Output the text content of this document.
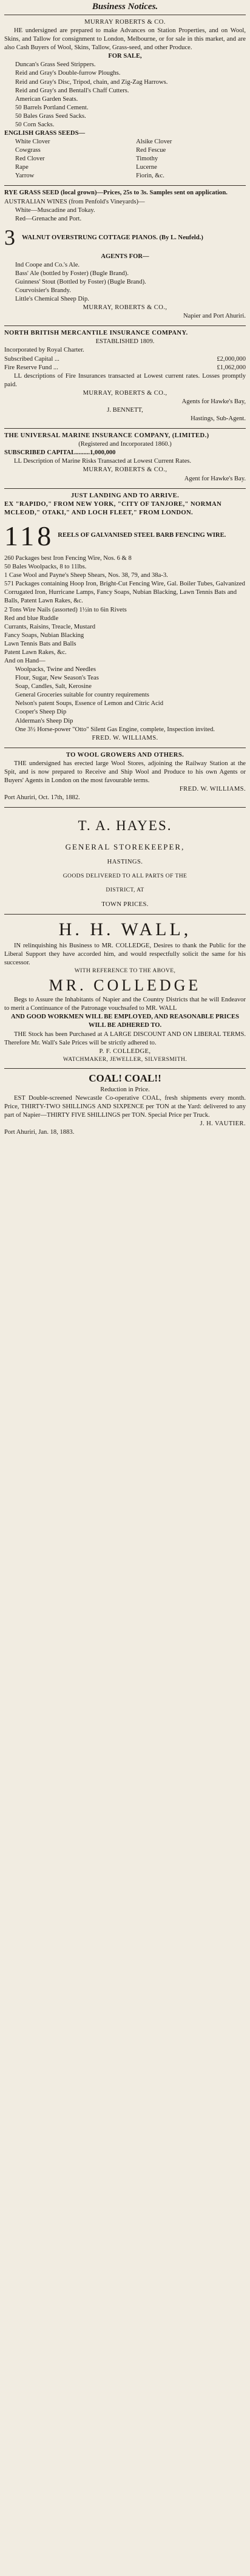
Business Notices.
MURRAY ROBERTS & CO.
HE undersigned are prepared to make Advances on Station Properties, and on Wool, Skins, and Tallow for consignment to London, Melbourne, or for sale in this market, and are also Cash Buyers of Wool, Skins, Tallow, Grass-seed, and other Produce.
FOR SALE,
Duncan's Grass Seed Strippers.
Reid and Gray's Double-furrow Ploughs.
Reid and Gray's Disc, Tripod, chain, and Zig-Zag Harrows.
Reid and Gray's and Bentall's Chaff Cutters.
American Garden Seats.
50 Barrels Portland Cement.
50 Bales Grass Seed Sacks.
50 Corn Sacks.
ENGLISH GRASS SEEDS—
White Clover
Cowgrass
Red Clover
Rape
Yarrow
Alsike Clover
Red Fescue
Timothy
Lucerne
Fiorin, &c.
RYE GRASS SEED (local grown)—Prices, 25s to 3s. Samples sent on application.
AUSTRALIAN WINES (from Penfold's Vineyards)—
White—Muscadine and Tokay.
Red—Grenache and Port.
3 WALNUT OVERSTRUNG COTTAGE PIANOS. (By L. Neufeld.)
AGENTS FOR—
Ind Coope and Co.'s Ale.
Bass' Ale (bottled by Foster) (Bugle Brand).
Guinness' Stout (Bottled by Foster) (Bugle Brand).
Courvoisier's Brandy.
Little's Chemical Sheep Dip.
MURRAY, ROBERTS & CO.,
Napier and Port Ahuriri.
NORTH BRITISH MERCANTILE INSURANCE COMPANY.
ESTABLISHED 1809.
Incorporated by Royal Charter.
Subscribed Capital ...	£2,000,000
Fire Reserve Fund ...	£1,062,000
LL descriptions of Fire Insurances transacted at Lowest current rates. Losses promptly paid.
MURRAY, ROBERTS & CO.,
Agents for Hawke's Bay,
J. BENNETT,
Hastings, Sub-Agent.
THE UNIVERSAL MARINE INSURANCE COMPANY, (LIMITED.)
(Registered and Incorporated 1860.)
SUBSCRIBED CAPITAL.........1,000,000
LL Description of Marine Risks Transacted at Lowest Current Rates.
MURRAY, ROBERTS & CO.,
Agent for Hawke's Bay.
JUST LANDING AND TO ARRIVE.
EX "RAPIDO," FROM NEW YORK, "CITY OF TANJORE," NORMAN MCLEOD," OTAKI," AND LOCH FLEET," FROM LONDON.
118 REELS OF GALVANISED STEEL BARB FENCING WIRE.
260 Packages best Iron Fencing Wire, Nos. 6 & 8
50 Bales Woolpacks, 8 to 11lbs.
1 Case Wool and Payne's Sheep Shears, Nos. 38, 79, and 38a-3.
571 Packages containing Hoop Iron, Bright-Cut Fencing Wire, Gal. Boiler Tubes, Galvanized Corrugated Iron, Hurricane Lamps, Fancy Soaps, Nubian Blacking, Lawn Tennis Bats and Balls, Patent Lawn Rakes, &c.
2 Tons Wire Nails (assorted) 1½in to 6in Rivets
Red and blue Ruddle
Currants, Raisins, Treacle, Mustard
Fancy Soaps, Nubian Blacking
Lawn Tennis Bats and Balls
Patent Lawn Rakes, &c.
And on Hand—
Woolpacks, Twine and Needles
Flour, Sugar, New Season's Teas
Soap, Candles, Salt, Kerosine
General Groceries suitable for country requirements
Nelson's patent Soups, Essence of Lemon and Citric Acid
Cooper's Sheep Dip
Alderman's Sheep Dip
One 3½ Horse-power "Otto" Silent Gas Engine, complete, Inspection invited.
FRED. W. WILLIAMS.
TO WOOL GROWERS AND OTHERS.
THE undersigned has erected large Wool Stores, adjoining the Railway Station at the Spit, and is now prepared to Receive and Ship Wool and Produce to his own Agents or Buyers' Agents in London on the most favourable terms.
FRED. W. WILLIAMS.
Port Ahuriri, Oct. 17th, 1882.
T. A. HAYES.
GENERAL STOREKEEPER,
HASTINGS.
GOODS DELIVERED TO ALL PARTS OF THE
DISTRICT, AT
TOWN PRICES.
H. H. WALL,
IN relinquishing his Business to MR. COLLEDGE, Desires to thank the Public for the Liberal Support they have accorded him, and would respectfully solicit the same for his successor.
WITH REFERENCE TO THE ABOVE,
MR. COLLEDGE
Begs to Assure the Inhabitants of Napier and the Country Districts that he will Endeavor to merit a Continuance of the Patronage vouchsafed to MR. WALL
AND GOOD WORKMEN WILL BE EMPLOYED, AND REASONABLE PRICES WILL BE ADHERED TO.
THE Stock has been Purchased at A LARGE DISCOUNT AND ON LIBERAL TERMS. Therefore Mr. Wall's Sale Prices will be strictly adhered to.
P. F. COLLEDGE,
WATCHMAKER, JEWELLER, SILVERSMITH.
COAL! COAL!!
Reduction in Price.
EST Double-screened Newcastle Co-operative COAL, fresh shipments every month. Price, THIRTY-TWO SHILLINGS AND SIXPENCE per TON at the Yard: delivered to any part of Napier—THIRTY FIVE SHILLINGS per TON. Special Price per Truck.
J. H. VAUTIER.
Port Ahuriri, Jan. 18, 1883.
